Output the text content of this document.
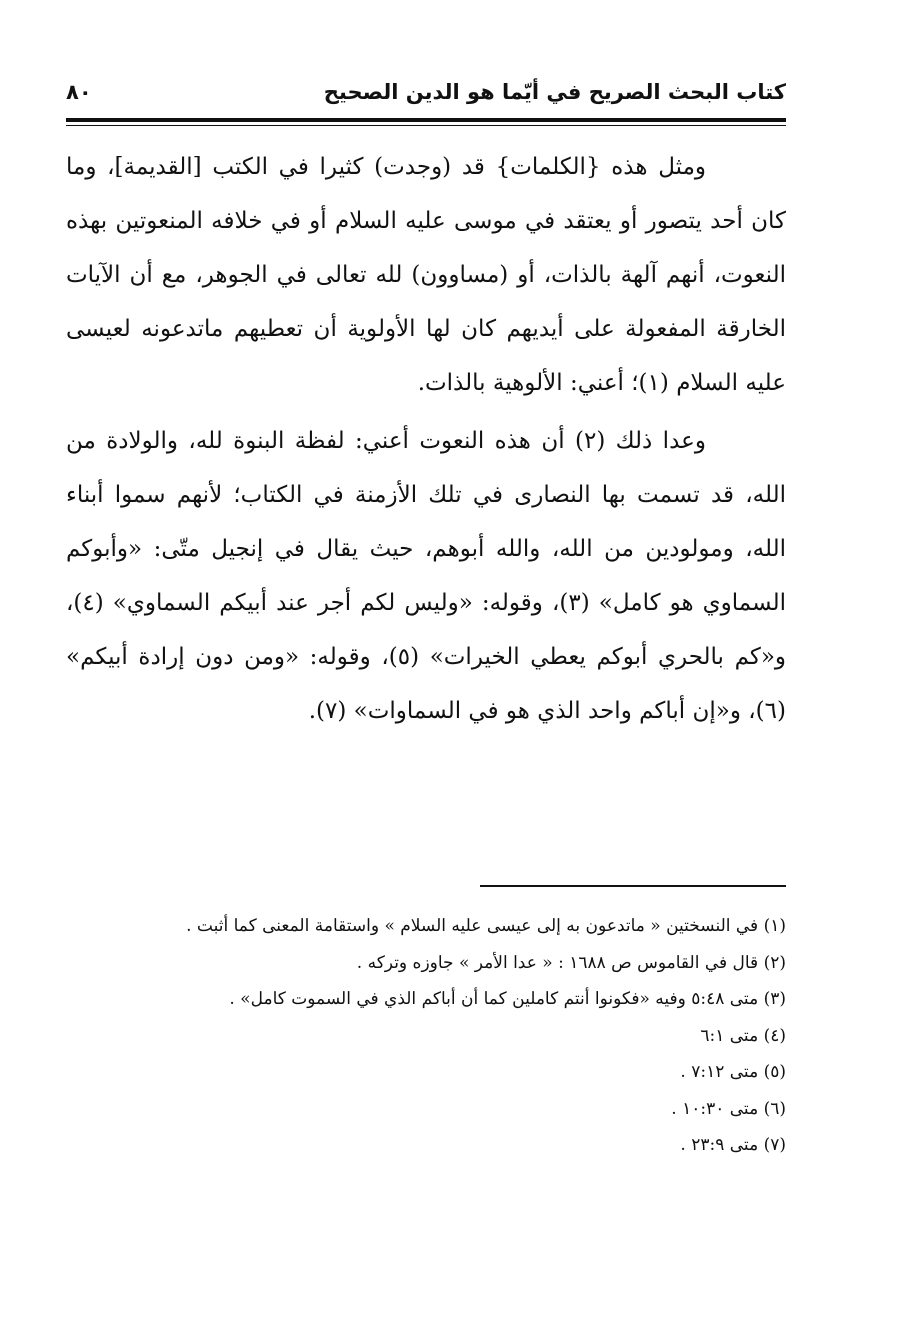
كتاب البحث الصريح في أيّما هو الدين الصحيح
٨٠

ومثل هذه {الكلمات} قد (وجدت) كثيرا في الكتب [القديمة]، وما كان أحد يتصور أو يعتقد في موسى عليه السلام أو في خلافه المنعوتين بهذه النعوت، أنهم آلهة بالذات، أو (مساوون) لله تعالى في الجوهر، مع أن الآيات الخارقة المفعولة على أيديهم كان لها الأولوية أن تعطيهم ماتدعونه لعيسى عليه السلام (١)؛ أعني: الألوهية بالذات.

وعدا ذلك (٢) أن هذه النعوت أعني: لفظة البنوة لله، والولادة من الله، قد تسمت بها النصارى في تلك الأزمنة في الكتاب؛ لأنهم سموا أبناء الله، ومولودين من الله، والله أبوهم، حيث يقال في إنجيل متّى: «وأبوكم السماوي هو كامل» (٣)، وقوله: «وليس لكم أجر عند أبيكم السماوي» (٤)، و«كم بالحري أبوكم يعطي الخيرات» (٥)، وقوله: «ومن دون إرادة أبيكم» (٦)، و«إن أباكم واحد الذي هو في السماوات» (٧).

(١) في النسختين « ماتدعون به إلى عيسى عليه السلام » واستقامة المعنى كما أثبت .
(٢) قال في القاموس ص ١٦٨٨ : « عدا الأمر » جاوزه وتركه .
(٣) متى ٥:٤٨ وفيه «فكونوا أنتم كاملين كما أن أباكم الذي في السموت كامل» .
(٤) متى ٦:١
(٥) متى ٧:١٢ .
(٦) متى ١٠:٣٠ .
(٧) متى ٢٣:٩ .
